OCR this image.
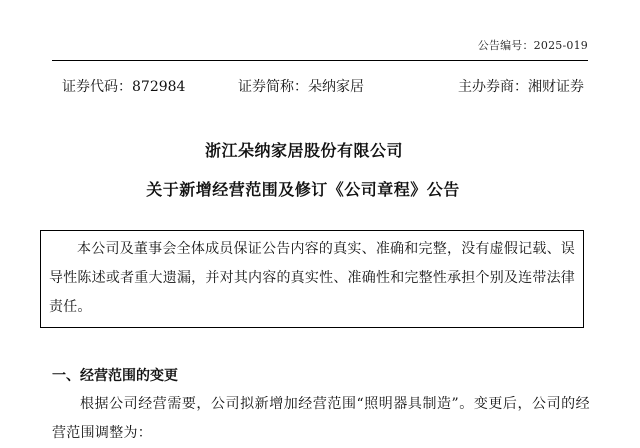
公告编号：2025-019
证券代码：872984	证券简称：朵纳家居	主办券商：湘财证券
浙江朵纳家居股份有限公司
关于新增经营范围及修订《公司章程》公告
本公司及董事会全体成员保证公告内容的真实、准确和完整，没有虚假记载、误导性陈述或者重大遗漏，并对其内容的真实性、准确性和完整性承担个别及连带法律责任。
一、经营范围的变更
根据公司经营需要，公司拟新增加经营范围“照明器具制造”。变更后，公司的经营范围调整为：
